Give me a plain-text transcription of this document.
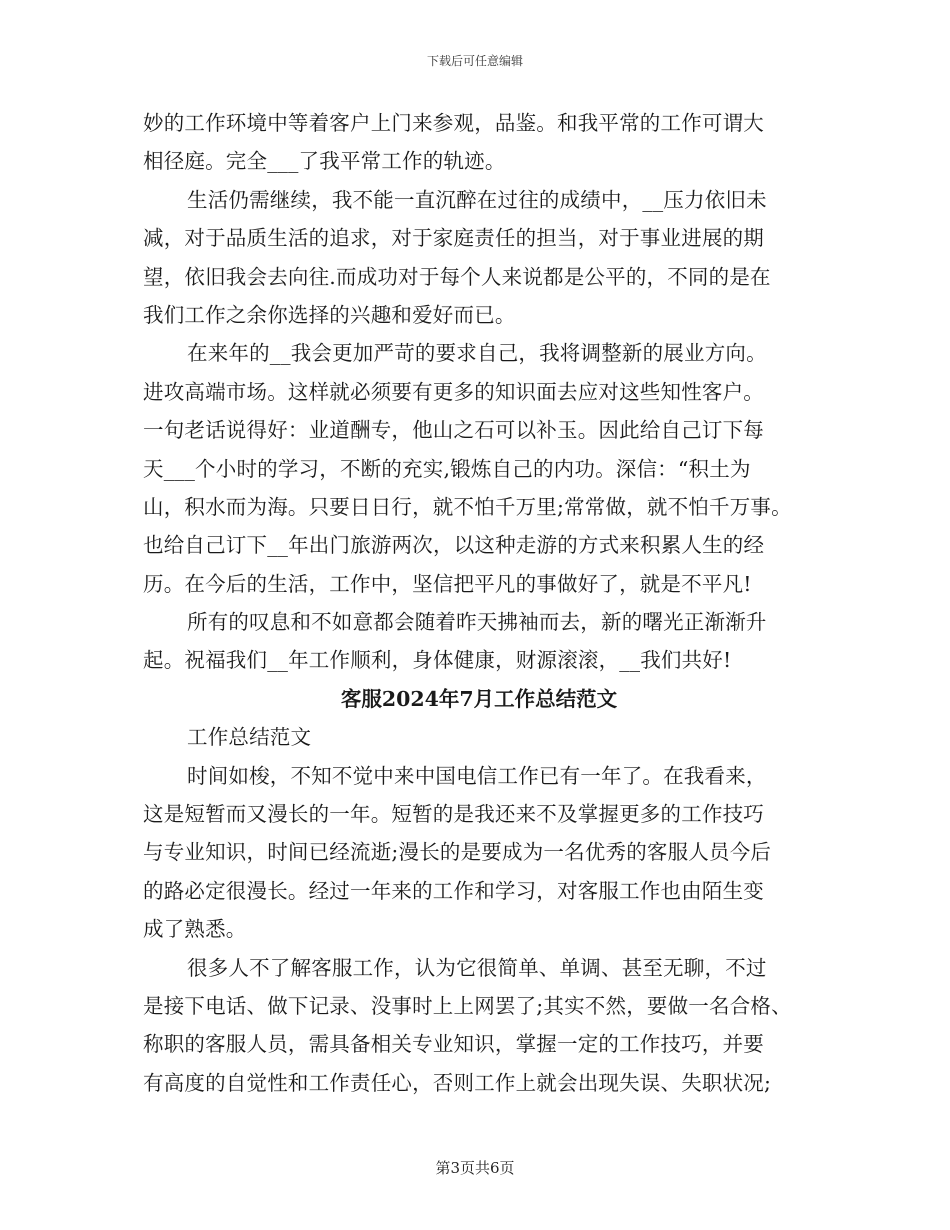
下载后可任意编辑
妙的工作环境中等着客户上门来参观，品鉴。和我平常的工作可谓大
相径庭。完全___了我平常工作的轨迹。
生活仍需继续，我不能一直沉醉在过往的成绩中，__压力依旧未
减，对于品质生活的追求，对于家庭责任的担当，对于事业进展的期
望，依旧我会去向往.而成功对于每个人来说都是公平的，不同的是在
我们工作之余你选择的兴趣和爱好而已。
在来年的__我会更加严苛的要求自己，我将调整新的展业方向。
进攻高端市场。这样就必须要有更多的知识面去应对这些知性客户。
一句老话说得好：业道酬专，他山之石可以补玉。因此给自己订下每
天___个小时的学习，不断的充实,锻炼自己的内功。深信：“积土为
山，积水而为海。只要日日行，就不怕千万里;常常做，就不怕千万事。
也给自己订下__年出门旅游两次，以这种走游的方式来积累人生的经
历。在今后的生活，工作中，坚信把平凡的事做好了，就是不平凡!
所有的叹息和不如意都会随着昨天拂袖而去，新的曙光正渐渐升
起。祝福我们__年工作顺利，身体健康，财源滚滚，__我们共好!
客服2024年7月工作总结范文
工作总结范文
时间如梭，不知不觉中来中国电信工作已有一年了。在我看来，
这是短暂而又漫长的一年。短暂的是我还来不及掌握更多的工作技巧
与专业知识，时间已经流逝;漫长的是要成为一名优秀的客服人员今后
的路必定很漫长。经过一年来的工作和学习，对客服工作也由陌生变
成了熟悉。
很多人不了解客服工作，认为它很简单、单调、甚至无聊，不过
是接下电话、做下记录、没事时上上网罢了;其实不然，要做一名合格、
称职的客服人员，需具备相关专业知识，掌握一定的工作技巧，并要
有高度的自觉性和工作责任心，否则工作上就会出现失误、失职状况;
第3页共6页
